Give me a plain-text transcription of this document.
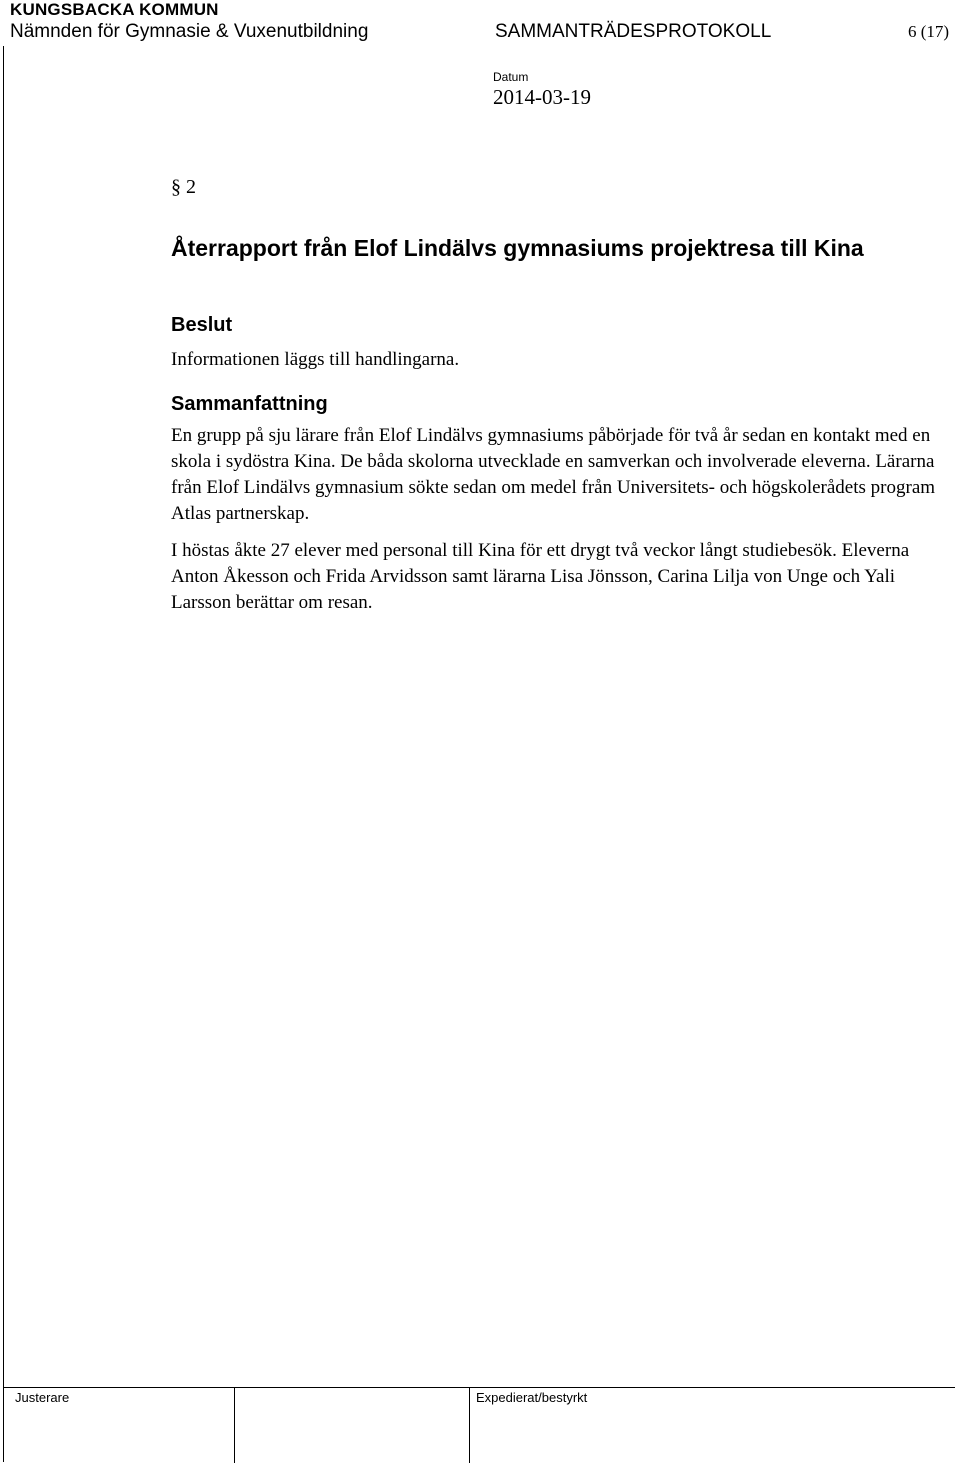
KUNGSBACKA KOMMUN
Nämnden för Gymnasie & Vuxenutbildning	SAMMANTRÄDESPROTOKOLL	6 (17)
Datum
2014-03-19
§ 2
Återrapport från Elof Lindälvs gymnasiums projektresa till Kina
Beslut
Informationen läggs till handlingarna.
Sammanfattning
En grupp på sju lärare från Elof Lindälvs gymnasiums påbörjade för två år sedan en kontakt med en skola i sydöstra Kina. De båda skolorna utvecklade en samverkan och involverade eleverna. Lärarna från Elof Lindälvs gymnasium sökte sedan om medel från Universitets- och högskolerådets program Atlas partnerskap.
I höstas åkte 27 elever med personal till Kina för ett drygt två veckor långt studiebesök. Eleverna Anton Åkesson och Frida Arvidsson samt lärarna Lisa Jönsson, Carina Lilja von Unge och Yali Larsson berättar om resan.
Justerare	Expedierat/bestyrkt
